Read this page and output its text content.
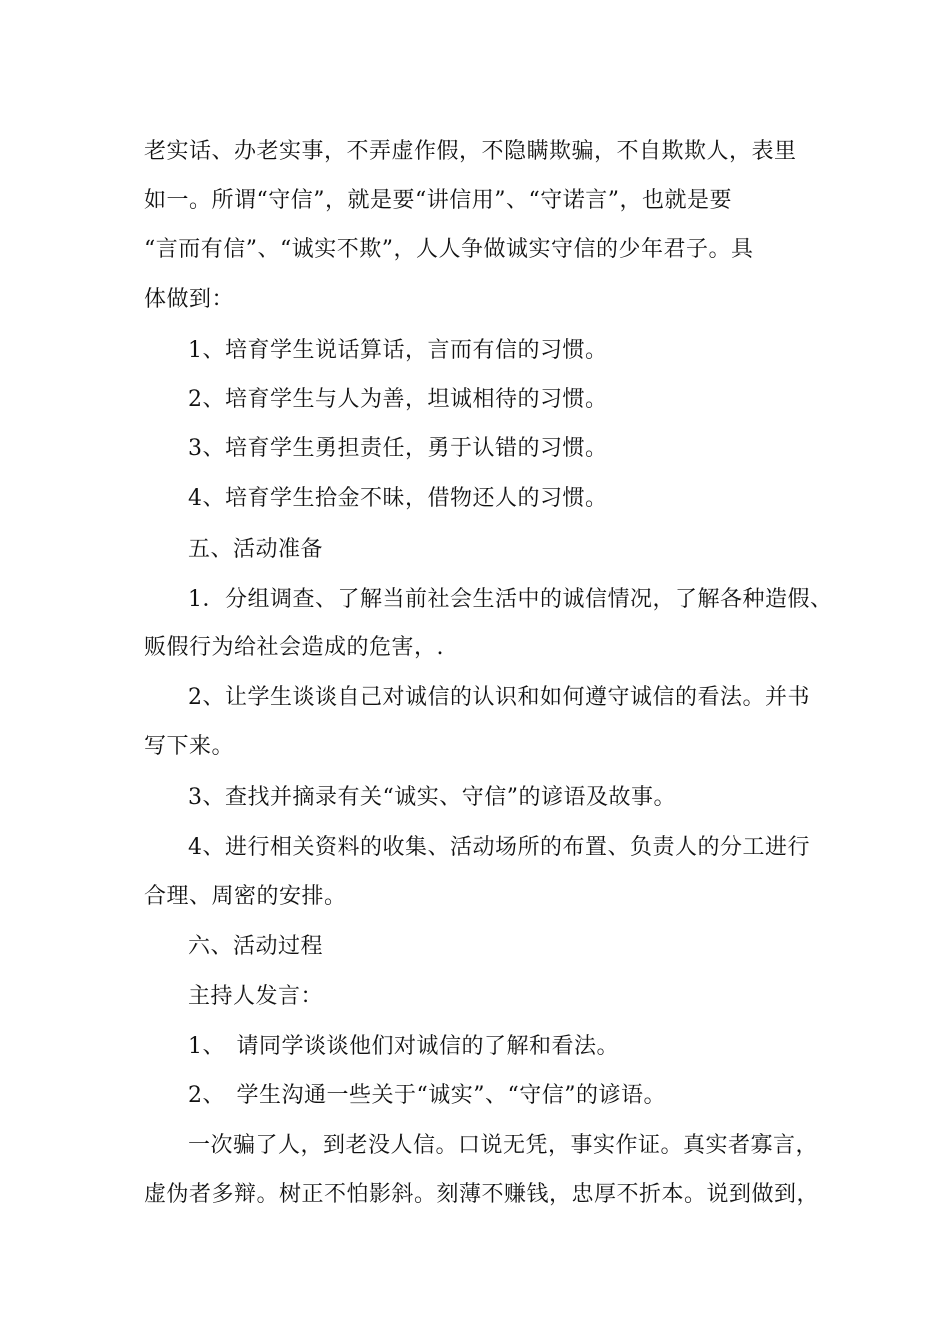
老实话、办老实事，不弄虚作假，不隐瞒欺骗，不自欺欺人，表里
如一。所谓“守信”，就是要“讲信用”、“守诺言”，也就是要
“言而有信”、“诚实不欺”，人人争做诚实守信的少年君子。具
体做到：
1、培育学生说话算话，言而有信的习惯。
2、培育学生与人为善，坦诚相待的习惯。
3、培育学生勇担责任，勇于认错的习惯。
4、培育学生拾金不昧，借物还人的习惯。
五、活动准备
1．分组调查、了解当前社会生活中的诚信情况，了解各种造假、
贩假行为给社会造成的危害，.
2、让学生谈谈自己对诚信的认识和如何遵守诚信的看法。并书
写下来。
3、查找并摘录有关“诚实、守信”的谚语及故事。
4、进行相关资料的收集、活动场所的布置、负责人的分工进行
合理、周密的安排。
六、活动过程
主持人发言：
1、　请同学谈谈他们对诚信的了解和看法。
2、　学生沟通一些关于“诚实”、“守信”的谚语。
一次骗了人，到老没人信。口说无凭，事实作证。真实者寡言，
虚伪者多辩。树正不怕影斜。刻薄不赚钱，忠厚不折本。说到做到，
